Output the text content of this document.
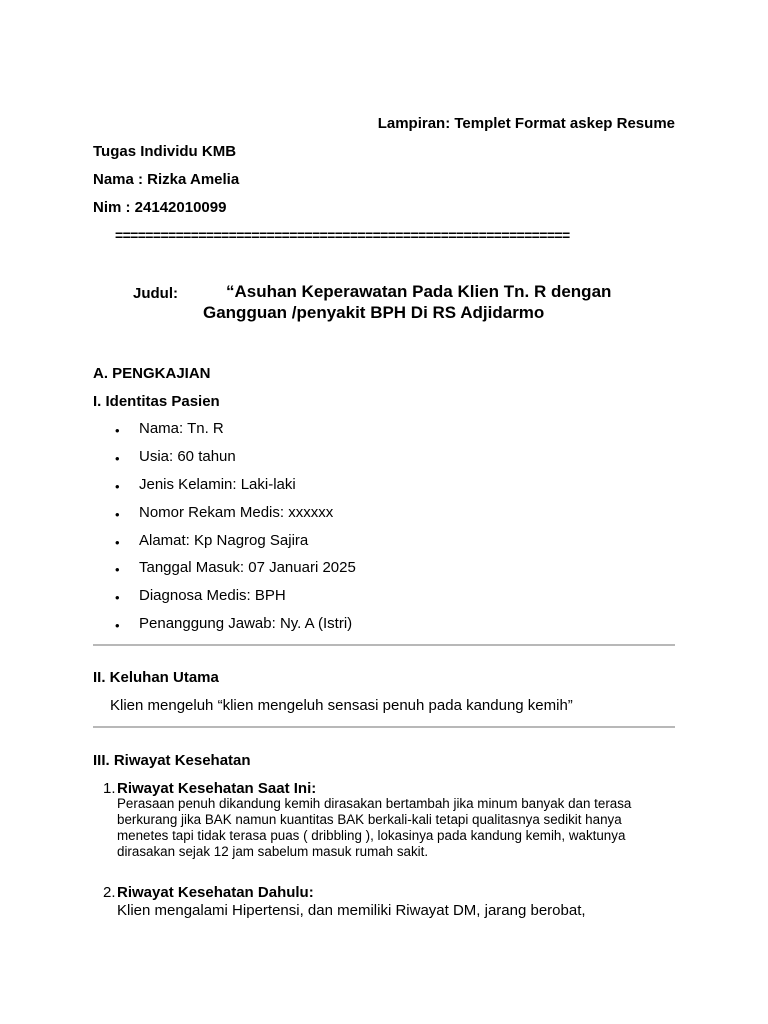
Lampiran: Templet Format askep Resume
Tugas Individu KMB
Nama : Rizka Amelia
Nim : 24142010099
============================================================
Judul:	“Asuhan Keperawatan Pada Klien Tn. R dengan
Gangguan /penyakit BPH Di RS Adjidarmo
A. PENGKAJIAN
I. Identitas Pasien
• Nama: Tn. R
• Usia: 60 tahun
• Jenis Kelamin: Laki-laki
• Nomor Rekam Medis: xxxxxx
• Alamat: Kp Nagrog Sajira
• Tanggal Masuk: 07 Januari 2025
• Diagnosa Medis: BPH
• Penanggung Jawab: Ny. A (Istri)
II. Keluhan Utama
Klien mengeluh “klien mengeluh sensasi penuh pada kandung kemih”
III. Riwayat Kesehatan
1. Riwayat Kesehatan Saat Ini:
Perasaan penuh dikandung kemih dirasakan bertambah jika minum banyak dan terasa
berkurang jika BAK namun kuantitas BAK berkali-kali tetapi qualitasnya sedikit hanya
menetes tapi tidak terasa puas ( dribbling ), lokasinya pada kandung kemih, waktunya
dirasakan sejak 12 jam sabelum masuk rumah sakit.
2. Riwayat Kesehatan Dahulu:
Klien mengalami Hipertensi, dan memiliki Riwayat DM, jarang berobat,
